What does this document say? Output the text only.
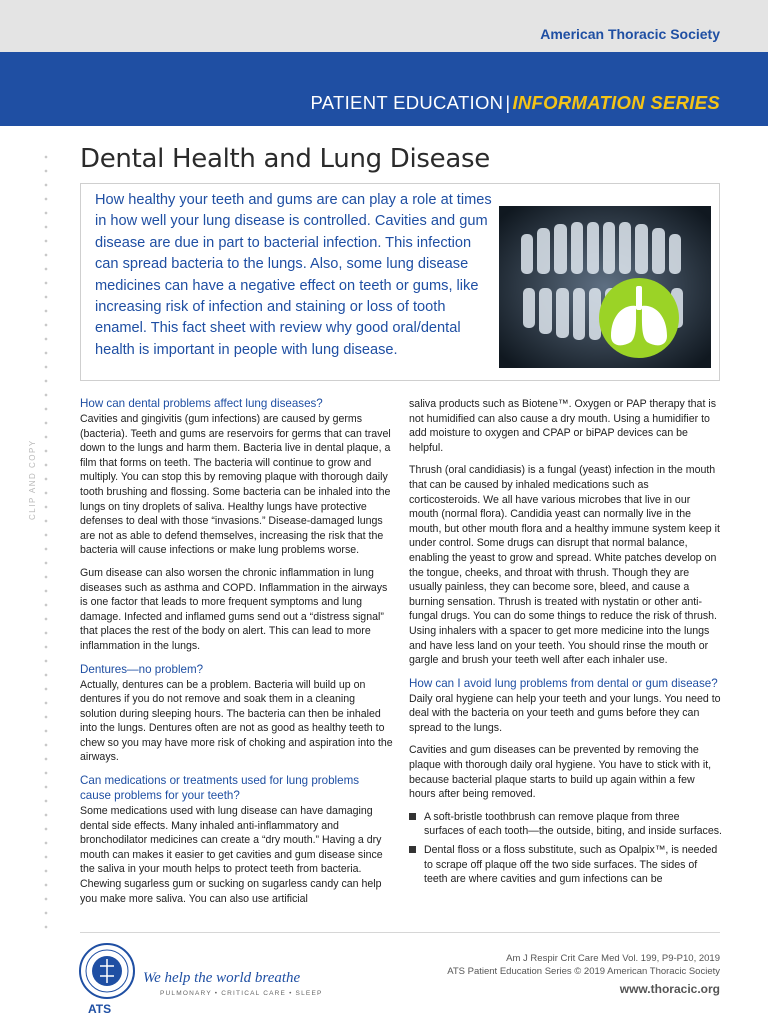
American Thoracic Society
PATIENT EDUCATION | INFORMATION SERIES
CLIP AND COPY
Dental Health and Lung Disease

How healthy your teeth and gums are can play a role at times in how well your lung disease is controlled. Cavities and gum disease are due in part to bacterial infection. This infection can spread bacteria to the lungs. Also, some lung disease medicines can have a negative effect on teeth or gums, like increasing risk of infection and staining or loss of tooth enamel. This fact sheet with review why good oral/dental health is important in people with lung disease.

How can dental problems affect lung diseases?

Cavities and gingivitis (gum infections) are caused by germs (bacteria). Teeth and gums are reservoirs for germs that can travel down to the lungs and harm them. Bacteria live in dental plaque, a film that forms on teeth. The bacteria will continue to grow and multiply. You can stop this by removing plaque with thorough daily tooth brushing and flossing. Some bacteria can be inhaled into the lungs on tiny droplets of saliva. Healthy lungs have protective defenses to deal with those “invasions.” Disease-damaged lungs are not as able to defend themselves, increasing the risk that the bacteria will cause infections or make lung problems worse.

Gum disease can also worsen the chronic inflammation in lung diseases such as asthma and COPD. Inflammation in the airways is one factor that leads to more frequent symptoms and lung damage. Infected and inflamed gums send out a “distress signal” that places the rest of the body on alert. This can lead to more inflammation in the lungs.

Dentures—no problem?

Actually, dentures can be a problem. Bacteria will build up on dentures if you do not remove and soak them in a cleaning solution during sleeping hours. The bacteria can then be inhaled into the lungs. Dentures often are not as good as healthy teeth to chew so you may have more risk of choking and aspiration into the airways.

Can medications or treatments used for lung problems cause problems for your teeth?

Some medications used with lung disease can have damaging dental side effects. Many inhaled anti-inflammatory and bronchodilator medicines can create a “dry mouth.” Having a dry mouth can makes it easier to get cavities and gum disease since the saliva in your mouth helps to protect teeth from bacteria. Chewing sugarless gum or sucking on sugarless candy can help you make more saliva. You can also use artificial

saliva products such as Biotene™. Oxygen or PAP therapy that is not humidified can also cause a dry mouth. Using a humidifier to add moisture to oxygen and CPAP or biPAP devices can be helpful.

Thrush (oral candidiasis) is a fungal (yeast) infection in the mouth that can be caused by inhaled medications such as corticosteroids. We all have various microbes that live in our mouth (normal flora). Candidia yeast can normally live in the mouth, but other mouth flora and a healthy immune system keep it under control. Some drugs can disrupt that normal balance, enabling the yeast to grow and spread. White patches develop on the tongue, cheeks, and throat with thrush. Though they are usually painless, they can become sore, bleed, and cause a burning sensation. Thrush is treated with nystatin or other anti-fungal drugs. You can do some things to reduce the risk of thrush. Using inhalers with a spacer to get more medicine into the lungs and have less land on your teeth. You should rinse the mouth or gargle and brush your teeth well after each inhaler use.

How can I avoid lung problems from dental or gum disease?

Daily oral hygiene can help your teeth and your lungs. You need to deal with the bacteria on your teeth and gums before they can spread to the lungs.

Cavities and gum diseases can be prevented by removing the plaque with thorough daily oral hygiene. You have to stick with it, because bacterial plaque starts to build up again within a few hours after being removed.

A soft-bristle toothbrush can remove plaque from three surfaces of each tooth—the outside, biting, and inside surfaces.
Dental floss or a floss substitute, such as Opalpix™, is needed to scrape off plaque off the two side surfaces. The sides of teeth are where cavities and gum infections can be
ATS
We help the world breathe
PULMONARY • CRITICAL CARE • SLEEP
Am J Respir Crit Care Med Vol. 199, P9-P10, 2019
ATS Patient Education Series © 2019 American Thoracic Society
www.thoracic.org
